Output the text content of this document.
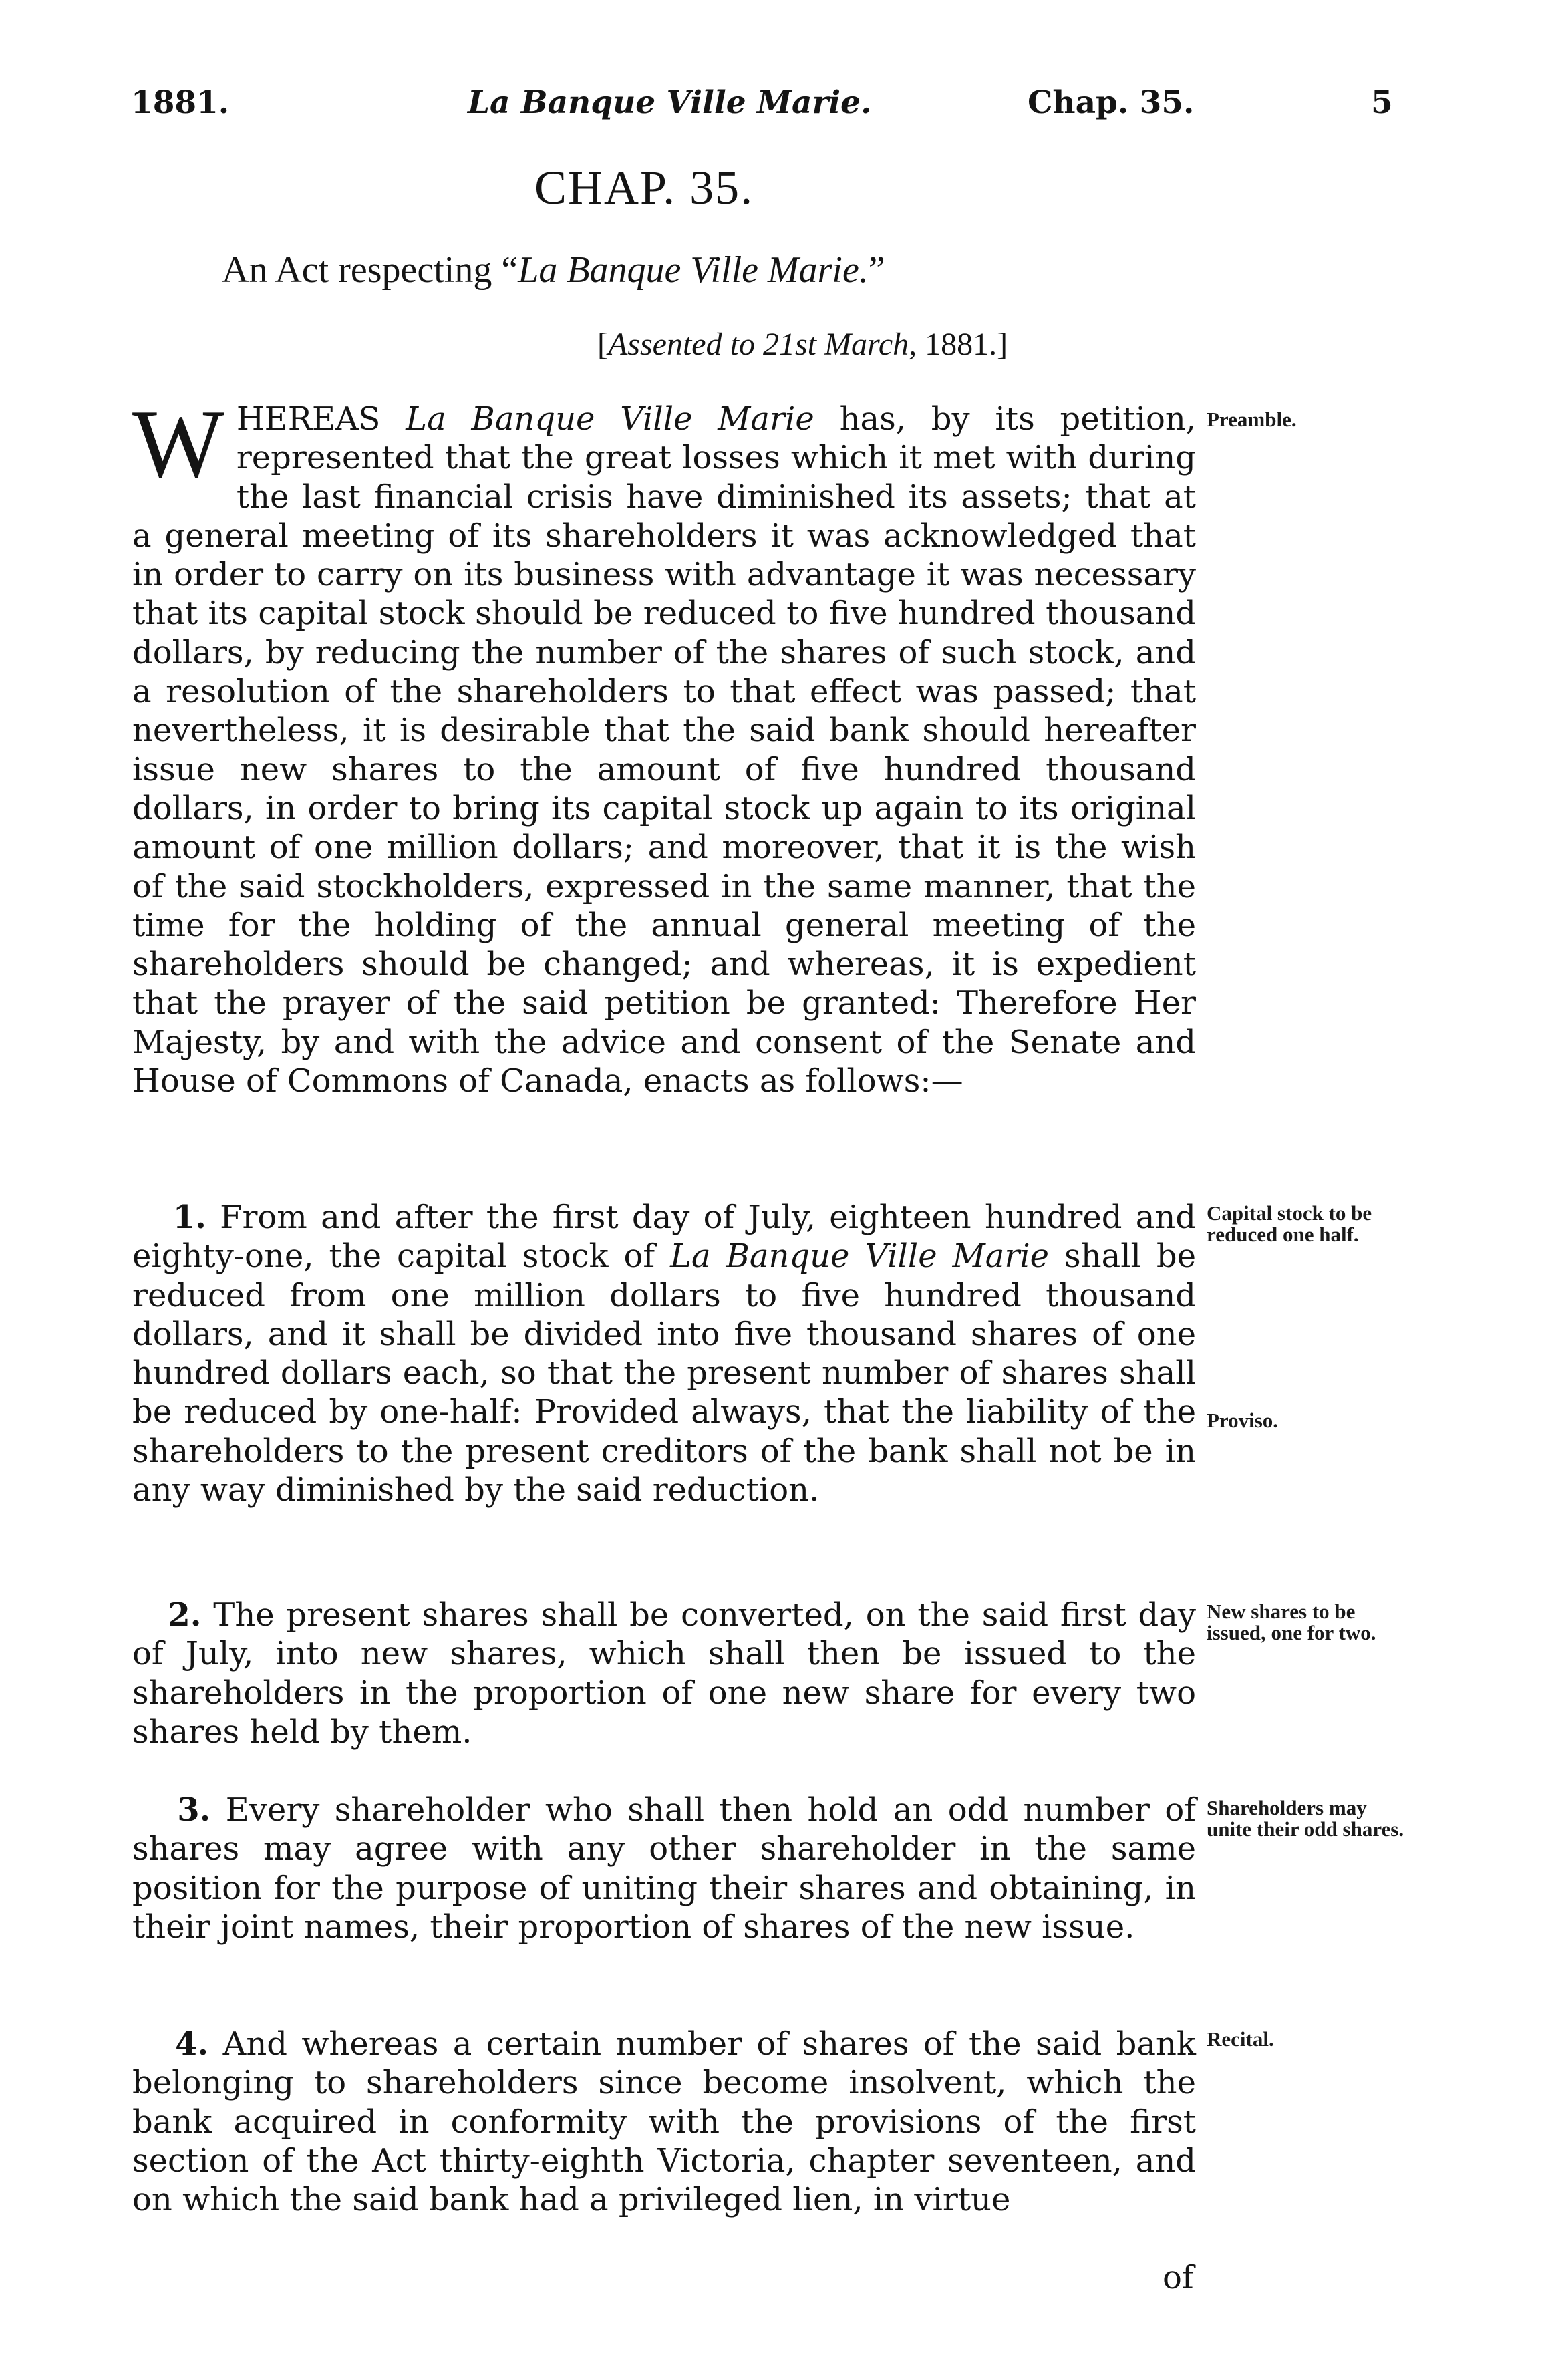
1881.	La Banque Ville Marie.	Chap. 35.	5
CHAP. 35.
An Act respecting “La Banque Ville Marie.”
[Assented to 21st March, 1881.]
WHEREAS La Banque Ville Marie has, by its petition, represented that the great losses which it met with during the last financial crisis have diminished its assets; that at a general meeting of its shareholders it was acknowledged that in order to carry on its business with advantage it was necessary that its capital stock should be reduced to five hundred thousand dollars, by reducing the number of the shares of such stock, and a resolution of the shareholders to that effect was passed; that nevertheless, it is desirable that the said bank should hereafter issue new shares to the amount of five hundred thousand dollars, in order to bring its capital stock up again to its original amount of one million dollars; and moreover, that it is the wish of the said stockholders, expressed in the same manner, that the time for the holding of the annual general meeting of the shareholders should be changed; and whereas, it is expedient that the prayer of the said petition be granted: Therefore Her Majesty, by and with the advice and consent of the Senate and House of Commons of Canada, enacts as follows:—
1. From and after the first day of July, eighteen hundred and eighty-one, the capital stock of La Banque Ville Marie shall be reduced from one million dollars to five hundred thousand dollars, and it shall be divided into five thousand shares of one hundred dollars each, so that the present number of shares shall be reduced by one-half: Provided always, that the liability of the shareholders to the present creditors of the bank shall not be in any way diminished by the said reduction.
2. The present shares shall be converted, on the said first day of July, into new shares, which shall then be issued to the shareholders in the proportion of one new share for every two shares held by them.
3. Every shareholder who shall then hold an odd number of shares may agree with any other shareholder in the same position for the purpose of uniting their shares and obtaining, in their joint names, their proportion of shares of the new issue.
4. And whereas a certain number of shares of the said bank belonging to shareholders since become insolvent, which the bank acquired in conformity with the provisions of the first section of the Act thirty-eighth Victoria, chapter seventeen, and on which the said bank had a privileged lien, in virtue
of
Preamble.
Capital stock to be reduced one half.
Proviso.
New shares to be issued, one for two.
Shareholders may unite their odd shares.
Recital.
